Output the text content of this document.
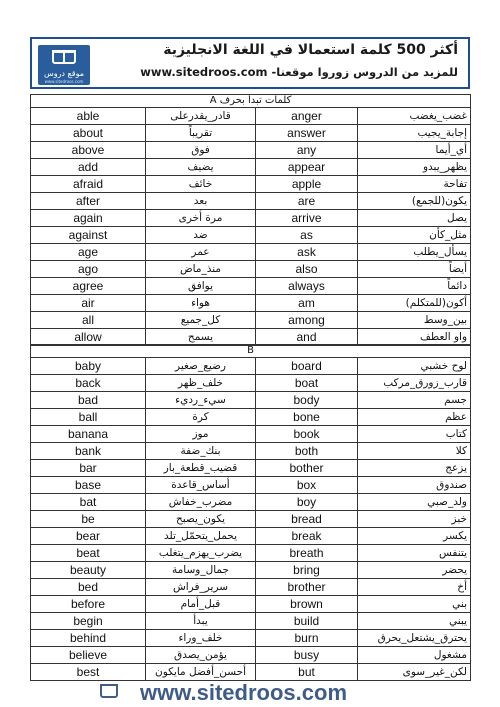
موقع دروس
www.sitedroos.com
أكثر 500 كلمة استعمالا في اللغة الانجليزية
للمزيد من الدروس زوروا موقعنا- www.sitedroos.com
كلمات تبدأ بحرف A			
able	قادر_يقدرعلى	anger	غضب_يغضب
about	تقريباً	answer	إجابة_يجيب
above	فوق	any	أي_أيما
add	يضيف	appear	يظهر_يبدو
afraid	خائف	apple	تفاحة
after	بعد	are	يكون(للجمع)
again	مرة أخرى	arrive	يصل
against	ضد	as	مثل_كأن
age	عمر	ask	يسأل_يطلب
ago	منذ_ماض	also	أيضاً
agree	يوافق	always	دائماً
air	هواء	am	أكون(للمتكلم)
all	كل_جميع	among	بين_وسط
allow	يسمح	and	واو العطف
B			
baby	رضيع_صغير	board	لوح خشبي
back	خلف_ظهر	boat	قارب_زورق_مركب
bad	سيء_رديء	body	جسم
ball	كرة	bone	عظم
banana	موز	book	كتاب
bank	بنك_ضفة	both	كلا
bar	قضيب_قطعة_بار	bother	يزعج
base	أساس_قاعدة	box	صندوق
bat	مضرب_خفاش	boy	ولد_صبي
be	يكون_يصبح	bread	خبز
bear	يحمل_يتحمّل_تلد	break	يكسر
beat	يضرب_يهزم_يتغلب	breath	يتنفس
beauty	جمال_وسامة	bring	يحضر
bed	سرير_فراش	brother	أخ
before	قبل_أمام	brown	بني
begin	يبدأ	build	يبني
behind	خلف_وراء	burn	يحترق_يشتعل_يحرق
believe	يؤمن_يصدق	busy	مشغول
best	أحسن_أفضل مايكون	but	لكن_غير_سوى
www.sitedroos.com
